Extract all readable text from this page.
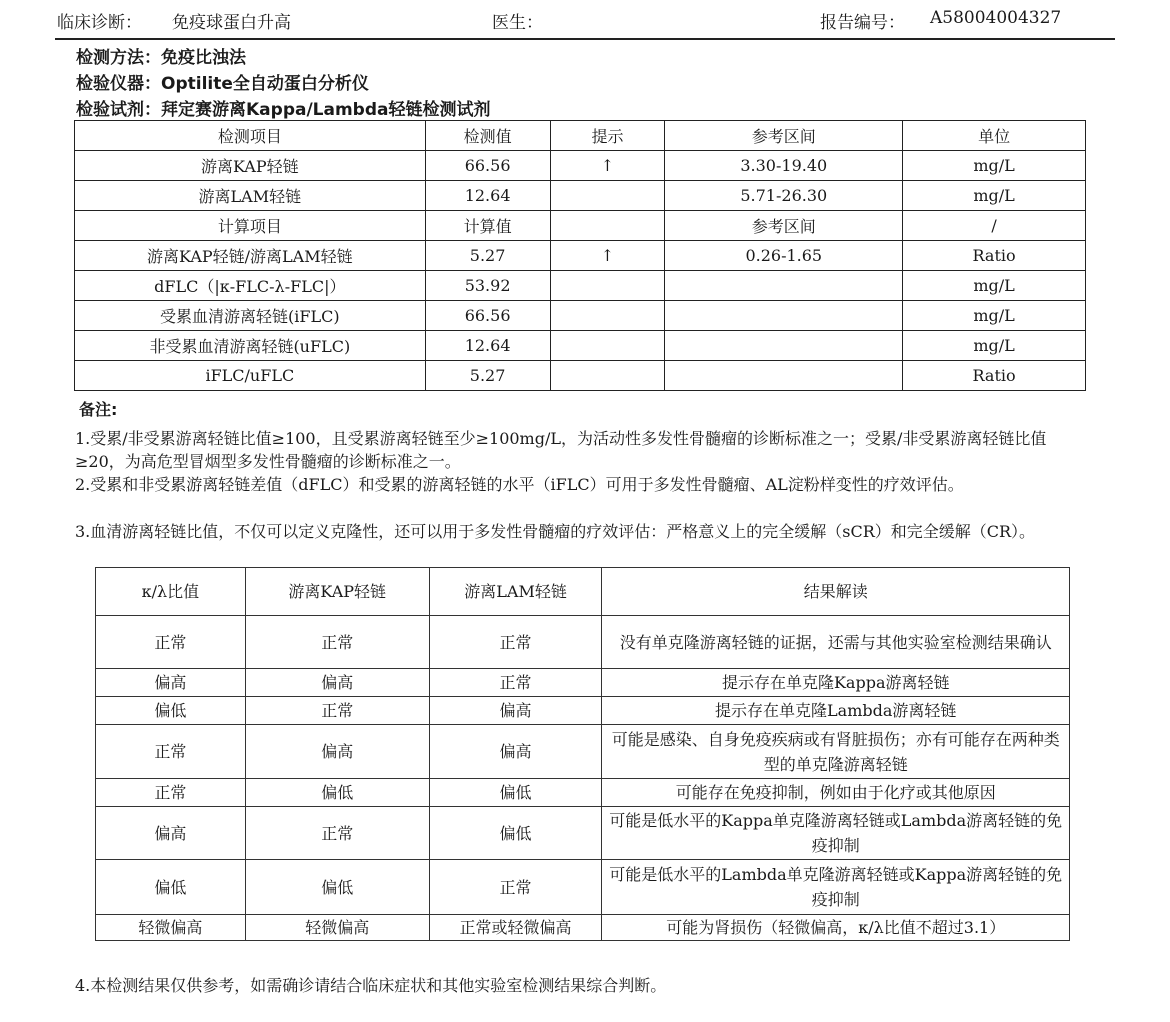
临床诊断： 免疫球蛋白升高	医生：	报告编号： A58004004327
检测方法：免疫比浊法
检验仪器：Optilite全自动蛋白分析仪
检验试剂：拜定赛游离Kappa/Lambda轻链检测试剂
检测项目	检测值	提示	参考区间	单位
游离KAP轻链	66.56	↑	3.30-19.40	mg/L
游离LAM轻链	12.64		5.71-26.30	mg/L
计算项目	计算值		参考区间	/
游离KAP轻链/游离LAM轻链	5.27	↑	0.26-1.65	Ratio
dFLC（|κ-FLC-λ-FLC|）	53.92			mg/L
受累血清游离轻链(iFLC)	66.56			mg/L
非受累血清游离轻链(uFLC)	12.64			mg/L
iFLC/uFLC	5.27			Ratio
备注:
1.受累/非受累游离轻链比值≥100，且受累游离轻链至少≥100mg/L，为活动性多发性骨髓瘤的诊断标准之一；受累/非受累游离轻链比值≥20，为高危型冒烟型多发性骨髓瘤的诊断标准之一。
2.受累和非受累游离轻链差值（dFLC）和受累的游离轻链的水平（iFLC）可用于多发性骨髓瘤、AL淀粉样变性的疗效评估。
3.血清游离轻链比值，不仅可以定义克隆性，还可以用于多发性骨髓瘤的疗效评估：严格意义上的完全缓解（sCR）和完全缓解（CR）。
κ/λ比值	游离KAP轻链	游离LAM轻链	结果解读
正常	正常	正常	没有单克隆游离轻链的证据，还需与其他实验室检测结果确认
偏高	偏高	正常	提示存在单克隆Kappa游离轻链
偏低	正常	偏高	提示存在单克隆Lambda游离轻链
正常	偏高	偏高	可能是感染、自身免疫疾病或有肾脏损伤；亦有可能存在两种类型的单克隆游离轻链
正常	偏低	偏低	可能存在免疫抑制，例如由于化疗或其他原因
偏高	正常	偏低	可能是低水平的Kappa单克隆游离轻链或Lambda游离轻链的免疫抑制
偏低	偏低	正常	可能是低水平的Lambda单克隆游离轻链或Kappa游离轻链的免疫抑制
轻微偏高	轻微偏高	正常或轻微偏高	可能为肾损伤（轻微偏高，κ/λ比值不超过3.1）
4.本检测结果仅供参考，如需确诊请结合临床症状和其他实验室检测结果综合判断。
